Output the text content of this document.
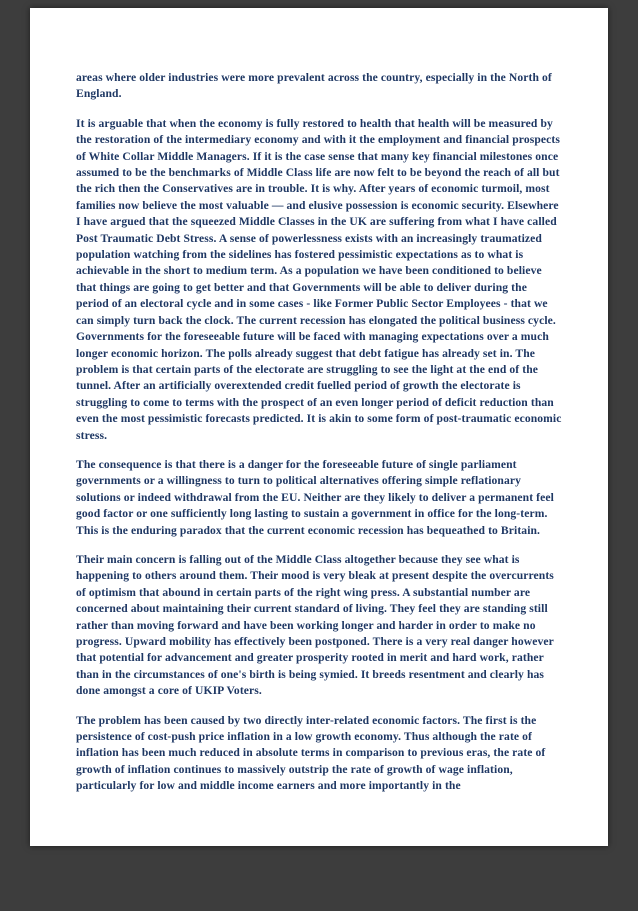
areas where older industries were more prevalent across the country, especially in the North of England.

It is arguable that when the economy is fully restored to health that health will be measured by the restoration of the intermediary economy and with it the employment and financial prospects of White Collar Middle Managers. If it is the case sense that many key financial milestones once assumed to be the benchmarks of Middle Class life are now felt to be beyond the reach of all but the rich then the Conservatives are in trouble. It is why. After years of economic turmoil, most families now believe the most valuable — and elusive possession is economic security. Elsewhere I have argued that the squeezed Middle Classes in the UK are suffering from what I have called Post Traumatic Debt Stress. A sense of powerlessness exists with an increasingly traumatized population watching from the sidelines has fostered pessimistic expectations as to what is achievable in the short to medium term. As a population we have been conditioned to believe that things are going to get better and that Governments will be able to deliver during the period of an electoral cycle and in some cases - like Former Public Sector Employees - that we can simply turn back the clock. The current recession has elongated the political business cycle. Governments for the foreseeable future will be faced with managing expectations over a much longer economic horizon. The polls already suggest that debt fatigue has already set in. The problem is that certain parts of the electorate are struggling to see the light at the end of the tunnel. After an artificially overextended credit fuelled period of growth the electorate is struggling to come to terms with the prospect of an even longer period of deficit reduction than even the most pessimistic forecasts predicted. It is akin to some form of post-traumatic economic stress.

The consequence is that there is a danger for the foreseeable future of single parliament governments or a willingness to turn to political alternatives offering simple reflationary solutions or indeed withdrawal from the EU. Neither are they likely to deliver a permanent feel good factor or one sufficiently long lasting to sustain a government in office for the long-term. This is the enduring paradox that the current economic recession has bequeathed to Britain.

Their main concern is falling out of the Middle Class altogether because they see what is happening to others around them. Their mood is very bleak at present despite the overcurrents of optimism that abound in certain parts of the right wing press. A substantial number are concerned about maintaining their current standard of living. They feel they are standing still rather than moving forward and have been working longer and harder in order to make no progress. Upward mobility has effectively been postponed. There is a very real danger however that potential for advancement and greater prosperity rooted in merit and hard work, rather than in the circumstances of one's birth is being symied. It breeds resentment and clearly has done amongst a core of UKIP Voters.

The problem has been caused by two directly inter-related economic factors. The first is the persistence of cost-push price inflation in a low growth economy. Thus although the rate of inflation has been much reduced in absolute terms in comparison to previous eras, the rate of growth of inflation continues to massively outstrip the rate of growth of wage inflation, particularly for low and middle income earners and more importantly in the
